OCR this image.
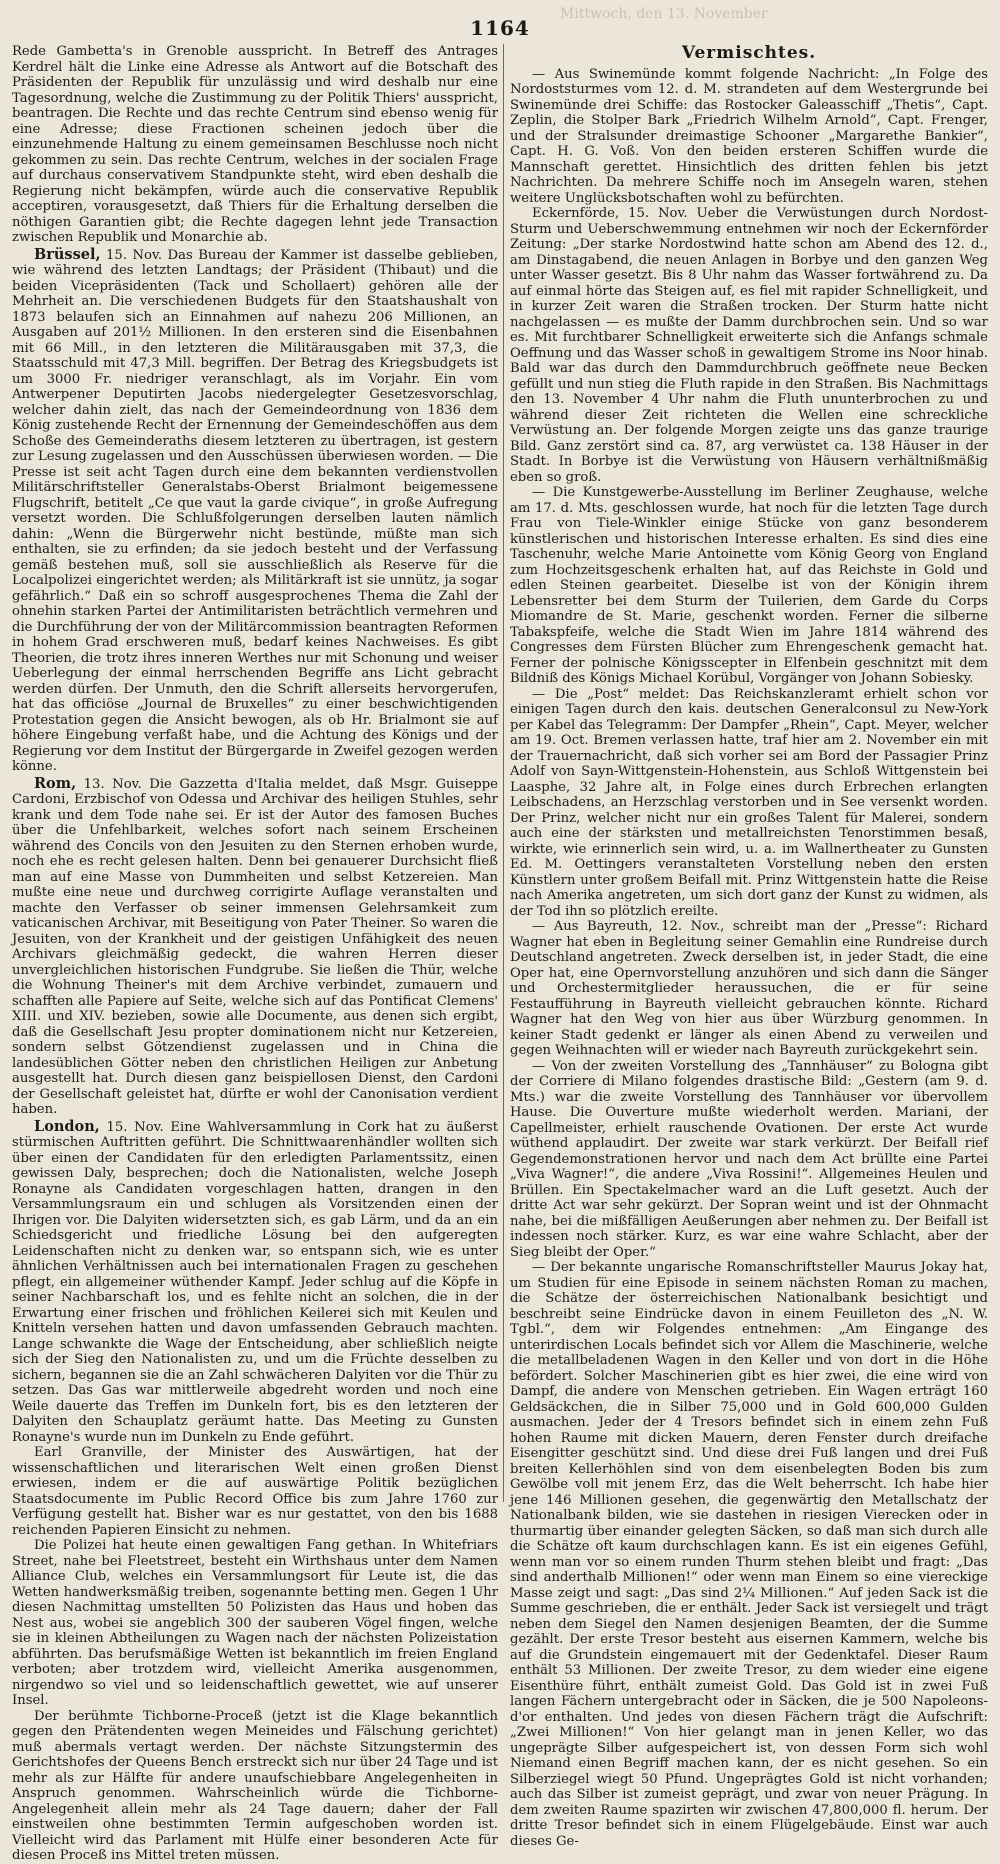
Mittwoch, den 13. November
1164

Rede Gambetta's in Grenoble ausspricht. In Betreff des Antrages Kerdrel hält die Linke eine Adresse als Antwort auf die Botschaft des Präsidenten der Republik für unzulässig und wird deshalb nur eine Tagesordnung, welche die Zustimmung zu der Politik Thiers' ausspricht, beantragen. Die Rechte und das rechte Centrum sind ebenso wenig für eine Adresse; diese Fractionen scheinen jedoch über die einzunehmende Haltung zu einem gemeinsamen Beschlusse noch nicht gekommen zu sein. Das rechte Centrum, welches in der socialen Frage auf durchaus conservativem Standpunkte steht, wird eben deshalb die Regierung nicht bekämpfen, würde auch die conservative Republik acceptiren, vorausgesetzt, daß Thiers für die Erhaltung derselben die nöthigen Garantien gibt; die Rechte dagegen lehnt jede Transaction zwischen Republik und Monarchie ab.

Brüssel, 15. Nov. Das Bureau der Kammer ist dasselbe geblieben, wie während des letzten Landtags; der Präsident (Thibaut) und die beiden Vicepräsidenten (Tack und Schollaert) gehören alle der Mehrheit an. Die verschiedenen Budgets für den Staatshaushalt von 1873 belaufen sich an Einnahmen auf nahezu 206 Millionen, an Ausgaben auf 201½ Millionen. In den ersteren sind die Eisenbahnen mit 66 Mill., in den letzteren die Militärausgaben mit 37,3, die Staatsschuld mit 47,3 Mill. begriffen. Der Betrag des Kriegsbudgets ist um 3000 Fr. niedriger veranschlagt, als im Vorjahr. Ein vom Antwerpener Deputirten Jacobs niedergelegter Gesetzesvorschlag, welcher dahin zielt, das nach der Gemeindeordnung von 1836 dem König zustehende Recht der Ernennung der Gemeindeschöffen aus dem Schoße des Gemeinderaths diesem letzteren zu übertragen, ist gestern zur Lesung zugelassen und den Ausschüssen überwiesen worden. — Die Presse ist seit acht Tagen durch eine dem bekannten verdienstvollen Militärschriftsteller Generalstabs-Oberst Brialmont beigemessene Flugschrift, betitelt „Ce que vaut la garde civique“, in große Aufregung versetzt worden. Die Schlußfolgerungen derselben lauten nämlich dahin: „Wenn die Bürgerwehr nicht bestünde, müßte man sich enthalten, sie zu erfinden; da sie jedoch besteht und der Verfassung gemäß bestehen muß, soll sie ausschließlich als Reserve für die Localpolizei eingerichtet werden; als Militärkraft ist sie unnütz, ja sogar gefährlich.“ Daß ein so schroff ausgesprochenes Thema die Zahl der ohnehin starken Partei der Antimilitaristen beträchtlich vermehren und die Durchführung der von der Militärcommission beantragten Reformen in hohem Grad erschweren muß, bedarf keines Nachweises. Es gibt Theorien, die trotz ihres inneren Werthes nur mit Schonung und weiser Ueberlegung der einmal herrschenden Begriffe ans Licht gebracht werden dürfen. Der Unmuth, den die Schrift allerseits hervorgerufen, hat das officiöse „Journal de Bruxelles“ zu einer beschwichtigenden Protestation gegen die Ansicht bewogen, als ob Hr. Brialmont sie auf höhere Eingebung verfaßt habe, und die Achtung des Königs und der Regierung vor dem Institut der Bürgergarde in Zweifel gezogen werden könne.

Rom, 13. Nov. Die Gazzetta d'Italia meldet, daß Msgr. Guiseppe Cardoni, Erzbischof von Odessa und Archivar des heiligen Stuhles, sehr krank und dem Tode nahe sei. Er ist der Autor des famosen Buches über die Unfehlbarkeit, welches sofort nach seinem Erscheinen während des Concils von den Jesuiten zu den Sternen erhoben wurde, noch ehe es recht gelesen halten. Denn bei genauerer Durchsicht fließ man auf eine Masse von Dummheiten und selbst Ketzereien. Man mußte eine neue und durchweg corrigirte Auflage veranstalten und machte den Verfasser ob seiner immensen Gelehrsamkeit zum vaticanischen Archivar, mit Beseitigung von Pater Theiner. So waren die Jesuiten, von der Krankheit und der geistigen Unfähigkeit des neuen Archivars gleichmäßig gedeckt, die wahren Herren dieser unvergleichlichen historischen Fundgrube. Sie ließen die Thür, welche die Wohnung Theiner's mit dem Archive verbindet, zumauern und schafften alle Papiere auf Seite, welche sich auf das Pontificat Clemens' XIII. und XIV. bezieben, sowie alle Documente, aus denen sich ergibt, daß die Gesellschaft Jesu propter dominationem nicht nur Ketzereien, sondern selbst Götzendienst zugelassen und in China die landesüblichen Götter neben den christlichen Heiligen zur Anbetung ausgestellt hat. Durch diesen ganz beispiellosen Dienst, den Cardoni der Gesellschaft geleistet hat, dürfte er wohl der Canonisation verdient haben.

London, 15. Nov. Eine Wahlversammlung in Cork hat zu äußerst stürmischen Auftritten geführt. Die Schnittwaarenhändler wollten sich über einen der Candidaten für den erledigten Parlamentssitz, einen gewissen Daly, besprechen; doch die Nationalisten, welche Joseph Ronayne als Candidaten vorgeschlagen hatten, drangen in den Versammlungsraum ein und schlugen als Vorsitzenden einen der Ihrigen vor. Die Dalyiten widersetzten sich, es gab Lärm, und da an ein Schiedsgericht und friedliche Lösung bei den aufgeregten Leidenschaften nicht zu denken war, so entspann sich, wie es unter ähnlichen Verhältnissen auch bei internationalen Fragen zu geschehen pflegt, ein allgemeiner wüthender Kampf. Jeder schlug auf die Köpfe in seiner Nachbarschaft los, und es fehlte nicht an solchen, die in der Erwartung einer frischen und fröhlichen Keilerei sich mit Keulen und Knitteln versehen hatten und davon umfassenden Gebrauch machten. Lange schwankte die Wage der Entscheidung, aber schließlich neigte sich der Sieg den Nationalisten zu, und um die Früchte desselben zu sichern, begannen sie die an Zahl schwächeren Dalyiten vor die Thür zu setzen. Das Gas war mittlerweile abgedreht worden und noch eine Weile dauerte das Treffen im Dunkeln fort, bis es den letzteren der Dalyiten den Schauplatz geräumt hatte. Das Meeting zu Gunsten Ronayne's wurde nun im Dunkeln zu Ende geführt.

Earl Granville, der Minister des Auswärtigen, hat der wissenschaftlichen und literarischen Welt einen großen Dienst erwiesen, indem er die auf auswärtige Politik bezüglichen Staatsdocumente im Public Record Office bis zum Jahre 1760 zur Verfügung gestellt hat. Bisher war es nur gestattet, von den bis 1688 reichenden Papieren Einsicht zu nehmen.

Die Polizei hat heute einen gewaltigen Fang gethan. In Whitefriars Street, nahe bei Fleetstreet, besteht ein Wirthshaus unter dem Namen Alliance Club, welches ein Versammlungsort für Leute ist, die das Wetten handwerksmäßig treiben, sogenannte betting men. Gegen 1 Uhr diesen Nachmittag umstellten 50 Polizisten das Haus und hoben das Nest aus, wobei sie angeblich 300 der sauberen Vögel fingen, welche sie in kleinen Abtheilungen zu Wagen nach der nächsten Polizeistation abführten. Das berufsmäßige Wetten ist bekanntlich im freien England verboten; aber trotzdem wird, vielleicht Amerika ausgenommen, nirgendwo so viel und so leidenschaftlich gewettet, wie auf unserer Insel.

Der berühmte Tichborne-Proceß (jetzt ist die Klage bekanntlich gegen den Prätendenten wegen Meineides und Fälschung gerichtet) muß abermals vertagt werden. Der nächste Sitzungstermin des Gerichtshofes der Queens Bench erstreckt sich nur über 24 Tage und ist mehr als zur Hälfte für andere unaufschiebbare Angelegenheiten in Anspruch genommen. Wahrscheinlich würde die Tichborne-Angelegenheit allein mehr als 24 Tage dauern; daher der Fall einstweilen ohne bestimmten Termin aufgeschoben worden ist. Vielleicht wird das Parlament mit Hülfe einer besonderen Acte für diesen Proceß ins Mittel treten müssen.

Vermischtes.

— Aus Swinemünde kommt folgende Nachricht: „In Folge des Nordoststurmes vom 12. d. M. strandeten auf dem Westergrunde bei Swinemünde drei Schiffe: das Rostocker Galeasschiff „Thetis“, Capt. Zeplin, die Stolper Bark „Friedrich Wilhelm Arnold“, Capt. Frenger, und der Stralsunder dreimastige Schooner „Margarethe Bankier“, Capt. H. G. Voß. Von den beiden ersteren Schiffen wurde die Mannschaft gerettet. Hinsichtlich des dritten fehlen bis jetzt Nachrichten. Da mehrere Schiffe noch im Ansegeln waren, stehen weitere Unglücksbotschaften wohl zu befürchten.

Eckernförde, 15. Nov. Ueber die Verwüstungen durch Nordost-Sturm und Ueberschwemmung entnehmen wir noch der Eckernförder Zeitung: „Der starke Nordostwind hatte schon am Abend des 12. d., am Dinstagabend, die neuen Anlagen in Borbye und den ganzen Weg unter Wasser gesetzt. Bis 8 Uhr nahm das Wasser fortwährend zu. Da auf einmal hörte das Steigen auf, es fiel mit rapider Schnelligkeit, und in kurzer Zeit waren die Straßen trocken. Der Sturm hatte nicht nachgelassen — es mußte der Damm durchbrochen sein. Und so war es. Mit furchtbarer Schnelligkeit erweiterte sich die Anfangs schmale Oeffnung und das Wasser schoß in gewaltigem Strome ins Noor hinab. Bald war das durch den Dammdurchbruch geöffnete neue Becken gefüllt und nun stieg die Fluth rapide in den Straßen. Bis Nachmittags den 13. November 4 Uhr nahm die Fluth ununterbrochen zu und während dieser Zeit richteten die Wellen eine schreckliche Verwüstung an. Der folgende Morgen zeigte uns das ganze traurige Bild. Ganz zerstört sind ca. 87, arg verwüstet ca. 138 Häuser in der Stadt. In Borbye ist die Verwüstung von Häusern verhältnißmäßig eben so groß.

— Die Kunstgewerbe-Ausstellung im Berliner Zeughause, welche am 17. d. Mts. geschlossen wurde, hat noch für die letzten Tage durch Frau von Tiele-Winkler einige Stücke von ganz besonderem künstlerischen und historischen Interesse erhalten. Es sind dies eine Taschenuhr, welche Marie Antoinette vom König Georg von England zum Hochzeitsgeschenk erhalten hat, auf das Reichste in Gold und edlen Steinen gearbeitet. Dieselbe ist von der Königin ihrem Lebensretter bei dem Sturm der Tuilerien, dem Garde du Corps Miomandre de St. Marie, geschenkt worden. Ferner die silberne Tabakspfeife, welche die Stadt Wien im Jahre 1814 während des Congresses dem Fürsten Blücher zum Ehrengeschenk gemacht hat. Ferner der polnische Königsscepter in Elfenbein geschnitzt mit dem Bildniß des Königs Michael Korübul, Vorgänger von Johann Sobiesky.

— Die „Post“ meldet: Das Reichskanzleramt erhielt schon vor einigen Tagen durch den kais. deutschen Generalconsul zu New-York per Kabel das Telegramm: Der Dampfer „Rhein“, Capt. Meyer, welcher am 19. Oct. Bremen verlassen hatte, traf hier am 2. November ein mit der Trauernachricht, daß sich vorher sei am Bord der Passagier Prinz Adolf von Sayn-Wittgenstein-Hohenstein, aus Schloß Wittgenstein bei Laasphe, 32 Jahre alt, in Folge eines durch Erbrechen erlangten Leibschadens, an Herzschlag verstorben und in See versenkt worden. Der Prinz, welcher nicht nur ein großes Talent für Malerei, sondern auch eine der stärksten und metallreichsten Tenorstimmen besaß, wirkte, wie erinnerlich sein wird, u. a. im Wallnertheater zu Gunsten Ed. M. Oettingers veranstalteten Vorstellung neben den ersten Künstlern unter großem Beifall mit. Prinz Wittgenstein hatte die Reise nach Amerika angetreten, um sich dort ganz der Kunst zu widmen, als der Tod ihn so plötzlich ereilte.

— Aus Bayreuth, 12. Nov., schreibt man der „Presse“: Richard Wagner hat eben in Begleitung seiner Gemahlin eine Rundreise durch Deutschland angetreten. Zweck derselben ist, in jeder Stadt, die eine Oper hat, eine Opernvorstellung anzuhören und sich dann die Sänger und Orchestermitglieder heraussuchen, die er für seine Festaufführung in Bayreuth vielleicht gebrauchen könnte. Richard Wagner hat den Weg von hier aus über Würzburg genommen. In keiner Stadt gedenkt er länger als einen Abend zu verweilen und gegen Weihnachten will er wieder nach Bayreuth zurückgekehrt sein.

— Von der zweiten Vorstellung des „Tannhäuser“ zu Bologna gibt der Corriere di Milano folgendes drastische Bild: „Gestern (am 9. d. Mts.) war die zweite Vorstellung des Tannhäuser vor übervollem Hause. Die Ouverture mußte wiederholt werden. Mariani, der Capellmeister, erhielt rauschende Ovationen. Der erste Act wurde wüthend applaudirt. Der zweite war stark verkürzt. Der Beifall rief Gegendemonstrationen hervor und nach dem Act brüllte eine Partei „Viva Wagner!“, die andere „Viva Rossini!“. Allgemeines Heulen und Brüllen. Ein Spectakelmacher ward an die Luft gesetzt. Auch der dritte Act war sehr gekürzt. Der Sopran weint und ist der Ohnmacht nahe, bei die mißfälligen Aeußerungen aber nehmen zu. Der Beifall ist indessen noch stärker. Kurz, es war eine wahre Schlacht, aber der Sieg bleibt der Oper.“

— Der bekannte ungarische Romanschriftsteller Maurus Jokay hat, um Studien für eine Episode in seinem nächsten Roman zu machen, die Schätze der österreichischen Nationalbank besichtigt und beschreibt seine Eindrücke davon in einem Feuilleton des „N. W. Tgbl.“, dem wir Folgendes entnehmen: „Am Eingange des unterirdischen Locals befindet sich vor Allem die Maschinerie, welche die metallbeladenen Wagen in den Keller und von dort in die Höhe befördert. Solcher Maschinerien gibt es hier zwei, die eine wird von Dampf, die andere von Menschen getrieben. Ein Wagen erträgt 160 Geldsäckchen, die in Silber 75,000 und in Gold 600,000 Gulden ausmachen. Jeder der 4 Tresors befindet sich in einem zehn Fuß hohen Raume mit dicken Mauern, deren Fenster durch dreifache Eisengitter geschützt sind. Und diese drei Fuß langen und drei Fuß breiten Kellerhöhlen sind von dem eisenbelegten Boden bis zum Gewölbe voll mit jenem Erz, das die Welt beherrscht. Ich habe hier jene 146 Millionen gesehen, die gegenwärtig den Metallschatz der Nationalbank bilden, wie sie dastehen in riesigen Vierecken oder in thurmartig über einander gelegten Säcken, so daß man sich durch alle die Schätze oft kaum durchschlagen kann. Es ist ein eigenes Gefühl, wenn man vor so einem runden Thurm stehen bleibt und fragt: „Das sind anderthalb Millionen!“ oder wenn man Einem so eine viereckige Masse zeigt und sagt: „Das sind 2¼ Millionen.“ Auf jeden Sack ist die Summe geschrieben, die er enthält. Jeder Sack ist versiegelt und trägt neben dem Siegel den Namen desjenigen Beamten, der die Summe gezählt. Der erste Tresor besteht aus eisernen Kammern, welche bis auf die Grundstein eingemauert mit der Gedenktafel. Dieser Raum enthält 53 Millionen. Der zweite Tresor, zu dem wieder eine eigene Eisenthüre führt, enthält zumeist Gold. Das Gold ist in zwei Fuß langen Fächern untergebracht oder in Säcken, die je 500 Napoleonsd'or enthalten. Und jedes von diesen Fächern trägt die Aufschrift: „Zwei Millionen!“ Von hier gelangt man in jenen Keller, wo das ungeprägte Silber aufgespeichert ist, von dessen Form sich wohl Niemand einen Begriff machen kann, der es nicht gesehen. So ein Silberziegel wiegt 50 Pfund. Ungeprägtes Gold ist nicht vorhanden; auch das Silber ist zumeist geprägt, und zwar von neuer Prägung. In dem zweiten Raume spazirten wir zwischen 47,800,000 fl. herum. Der dritte Tresor befindet sich in einem Flügelgebäude. Einst war auch dieses Ge-
